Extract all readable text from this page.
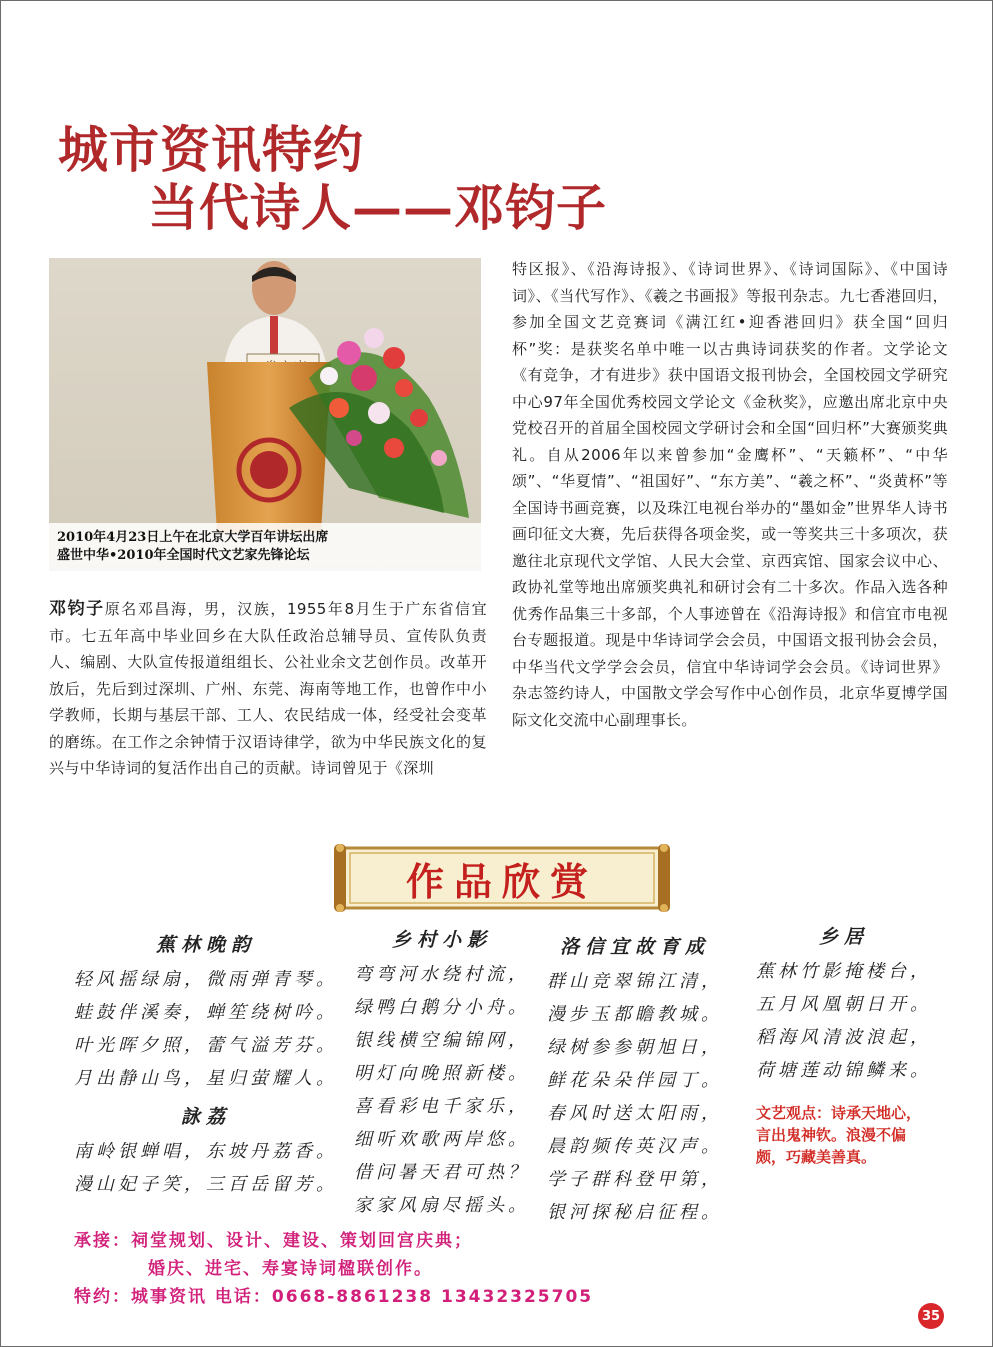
城市资讯特约
当代诗人——邓钧子
2010年4月23日上午在北京大学百年讲坛出席
盛世中华•2010年全国时代文艺家先锋论坛
特区报》、《沿海诗报》、《诗词世界》、《诗词国际》、《中国诗词》、《当代写作》、《羲之书画报》等报刊杂志。九七香港回归，参加全国文艺竞赛词《满江红•迎香港回归》获全国“回归杯”奖：是获奖名单中唯一以古典诗词获奖的作者。文学论文《有竞争，才有进步》获中国语文报刊协会，全国校园文学研究中心97年全国优秀校园文学论文《金秋奖》，应邀出席北京中央党校召开的首届全国校园文学研讨会和全国“回归杯”大赛颁奖典礼。自从2006年以来曾参加“金鹰杯”、“天籁杯”、“中华颂”、“华夏情”、“祖国好”、“东方美”、“羲之杯”、“炎黄杯”等全国诗书画竞赛，以及珠江电视台举办的“墨如金”世界华人诗书画印征文大赛，先后获得各项金奖，或一等奖共三十多项次，获邀往北京现代文学馆、人民大会堂、京西宾馆、国家会议中心、政协礼堂等地出席颁奖典礼和研讨会有二十多次。作品入选各种优秀作品集三十多部，个人事迹曾在《沿海诗报》和信宜市电视台专题报道。现是中华诗词学会会员，中国语文报刊协会会员，中华当代文学学会会员，信宜中华诗词学会会员。《诗词世界》杂志签约诗人，中国散文学会写作中心创作员，北京华夏博学国际文化交流中心副理事长。
邓钧子原名邓昌海，男，汉族，1955年8月生于广东省信宜市。七五年高中毕业回乡在大队任政治总辅导员、宣传队负责人、编剧、大队宣传报道组组长、公社业余文艺创作员。改革开放后，先后到过深圳、广州、东莞、海南等地工作，也曾作中小学教师，长期与基层干部、工人、农民结成一体，经受社会变革的磨练。在工作之余钟情于汉语诗律学，欲为中华民族文化的复兴与中华诗词的复活作出自己的贡献。诗词曾见于《深圳
作品欣赏
蕉林晚韵
轻风摇绿扇，微雨弹青琴。
蛙鼓伴溪奏，蝉笙绕树吟。
叶光晖夕照，蕾气溢芳芬。
月出静山鸟，星归萤耀人。
詠荔
南岭银蝉唱，东坡丹荔香。
漫山妃子笑，三百岳留芳。
乡村小影
弯弯河水绕村流，
绿鸭白鹅分小舟。
银线横空编锦网，
明灯向晚照新楼。
喜看彩电千家乐，
细听欢歌两岸悠。
借问暑天君可热？
家家风扇尽摇头。
洛信宜故育成
群山竞翠锦江清，
漫步玉都瞻教城。
绿树参参朝旭日，
鲜花朵朵伴园丁。
春风时送太阳雨，
晨韵频传英汉声。
学子群科登甲第，
银河探秘启征程。
乡居
蕉林竹影掩楼台，
五月风凰朝日开。
稻海风清波浪起，
荷塘莲动锦鳞来。
文艺观点：诗承天地心，言出鬼神钦。浪漫不偏颇，巧藏美善真。
承接：祠堂规划、设计、建设、策划回宫庆典；
婚庆、进宅、寿宴诗词楹联创作。
特约：城事资讯 电话：0668-8861238 13432325705
35
